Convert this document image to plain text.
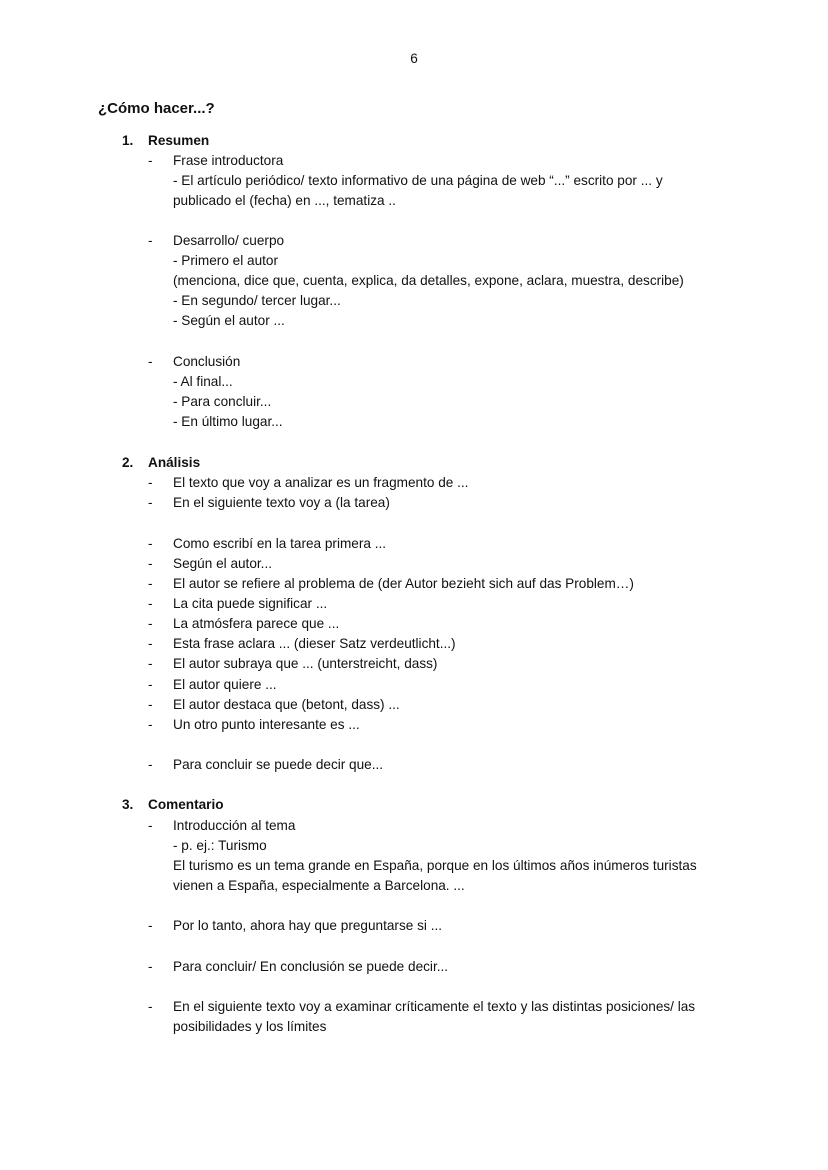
6
¿Cómo hacer...?
1. Resumen
- Frase introductora
- El artículo periódico/ texto informativo de una página de web “...” escrito por ... y
publicado el (fecha) en ..., tematiza ..
- Desarrollo/ cuerpo
- Primero el autor
(menciona, dice que, cuenta, explica, da detalles, expone, aclara, muestra, describe)
- En segundo/ tercer lugar...
- Según el autor ...
- Conclusión
- Al final...
- Para concluir...
- En último lugar...
2. Análisis
- El texto que voy a analizar es un fragmento de ...
- En el siguiente texto voy a (la tarea)
- Como escribí en la tarea primera ...
- Según el autor...
- El autor se refiere al problema de (der Autor bezieht sich auf das Problem…)
- La cita puede significar ...
- La atmósfera parece que ...
- Esta frase aclara ... (dieser Satz verdeutlicht...)
- El autor subraya que ... (unterstreicht, dass)
- El autor quiere ...
- El autor destaca que (betont, dass) ...
- Un otro punto interesante es ...
- Para concluir se puede decir que...
3. Comentario
- Introducción al tema
- p. ej.: Turismo
El turismo es un tema grande en España, porque en los últimos años inúmeros turistas
vienen a España, especialmente a Barcelona. ...
- Por lo tanto, ahora hay que preguntarse si ...
- Para concluir/ En conclusión se puede decir...
- En el siguiente texto voy a examinar críticamente el texto y las distintas posiciones/ las
posibilidades y los límites
